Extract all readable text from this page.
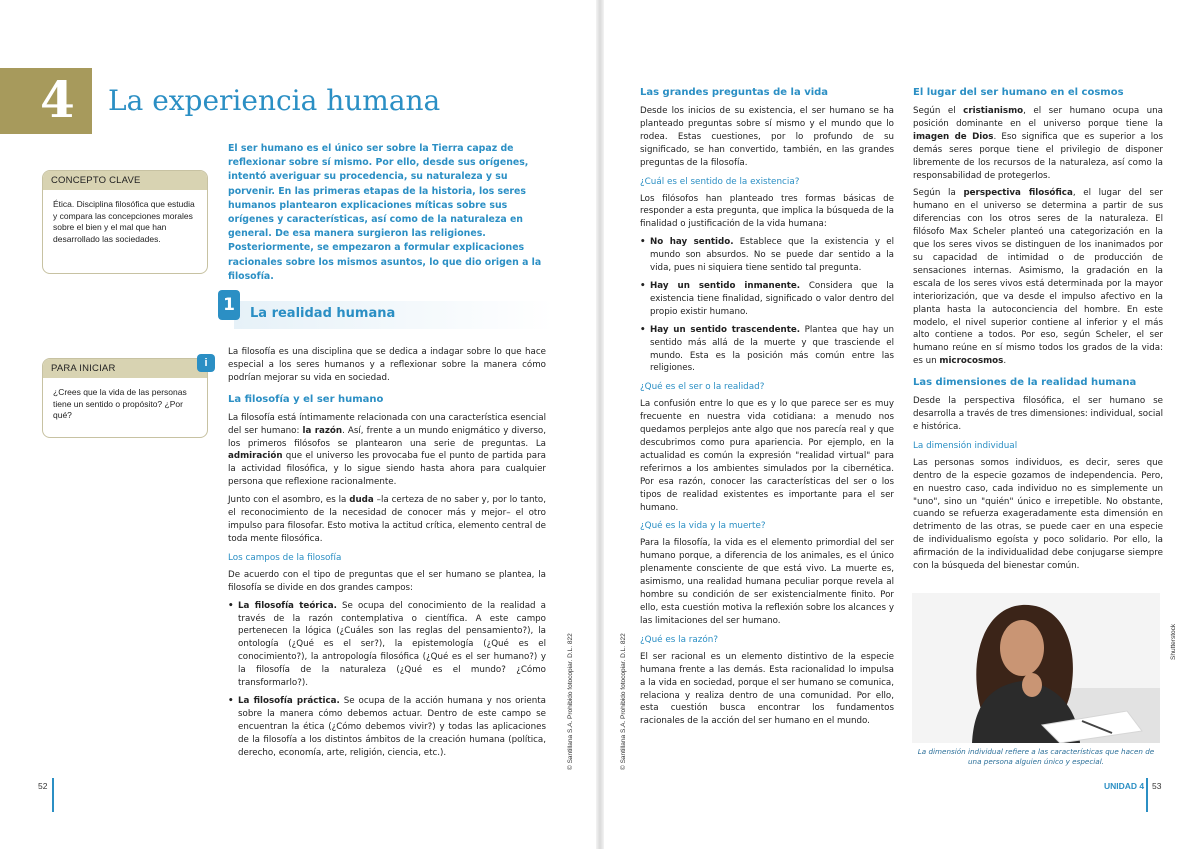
4 La experiencia humana
CONCEPTO CLAVE
Ética. Disciplina filosófica que estudia y compara las concepciones morales sobre el bien y el mal que han desarrollado las sociedades.
El ser humano es el único ser sobre la Tierra capaz de reflexionar sobre sí mismo. Por ello, desde sus orígenes, intentó averiguar su procedencia, su naturaleza y su porvenir. En las primeras etapas de la historia, los seres humanos plantearon explicaciones míticas sobre sus orígenes y características, así como de la naturaleza en general. De esa manera surgieron las religiones. Posteriormente, se empezaron a formular explicaciones racionales sobre los mismos asuntos, lo que dio origen a la filosofía.
1	La realidad humana
PARA INICIAR
¿Crees que la vida de las personas tiene un sentido o propósito? ¿Por qué?
i

La filosofía es una disciplina que se dedica a indagar sobre lo que hace especial a los seres humanos y a reflexionar sobre la manera cómo podrían mejorar su vida en sociedad.

La filosofía y el ser humano

La filosofía está íntimamente relacionada con una característica esencial del ser humano: la razón. Así, frente a un mundo enigmático y diverso, los primeros filósofos se plantearon una serie de preguntas. La admiración que el universo les provocaba fue el punto de partida para la actividad filosófica, y lo sigue siendo hasta ahora para cualquier persona que reflexione racionalmente.

Junto con el asombro, es la duda –la certeza de no saber y, por lo tanto, el reconocimiento de la necesidad de conocer más y mejor– el otro impulso para filosofar. Esto motiva la actitud crítica, elemento central de toda mente filosófica.

Los campos de la filosofía

De acuerdo con el tipo de preguntas que el ser humano se plantea, la filosofía se divide en dos grandes campos:

• La filosofía teórica. Se ocupa del conocimiento de la realidad a través de la razón contemplativa o científica. A este campo pertenecen la lógica (¿Cuáles son las reglas del pensamiento?), la ontología (¿Qué es el ser?), la epistemología (¿Qué es el conocimiento?), la antropología filosófica (¿Qué es el ser humano?) y la filosofía de la naturaleza (¿Qué es el mundo? ¿Cómo transformarlo?).
• La filosofía práctica. Se ocupa de la acción humana y nos orienta sobre la manera cómo debemos actuar. Dentro de este campo se encuentran la ética (¿Cómo debemos vivir?) y todas las aplicaciones de la filosofía a los distintos ámbitos de la creación humana (política, derecho, economía, arte, religión, ciencia, etc.).	© Santillana S.A. Prohibido fotocopiar. D.L. 822	© Santillana S.A. Prohibido fotocopiar. D.L. 822
Las grandes preguntas de la vida

Desde los inicios de su existencia, el ser humano se ha planteado preguntas sobre sí mismo y el mundo que lo rodea. Estas cuestiones, por lo profundo de su significado, se han convertido, también, en las grandes preguntas de la filosofía.

¿Cuál es el sentido de la existencia?

Los filósofos han planteado tres formas básicas de responder a esta pregunta, que implica la búsqueda de la finalidad o justificación de la vida humana:

• No hay sentido. Establece que la existencia y el mundo son absurdos. No se puede dar sentido a la vida, pues ni siquiera tiene sentido tal pregunta.
• Hay un sentido inmanente. Considera que la existencia tiene finalidad, significado o valor dentro del propio existir humano.
• Hay un sentido trascendente. Plantea que hay un sentido más allá de la muerte y que trasciende el mundo. Esta es la posición más común entre las religiones.
¿Qué es el ser o la realidad?

La confusión entre lo que es y lo que parece ser es muy frecuente en nuestra vida cotidiana: a menudo nos quedamos perplejos ante algo que nos parecía real y que descubrimos como pura apariencia. Por ejemplo, en la actualidad es común la expresión "realidad virtual" para referirnos a los ambientes simulados por la cibernética. Por esa razón, conocer las características del ser o los tipos de realidad existentes es importante para el ser humano.

¿Qué es la vida y la muerte?

Para la filosofía, la vida es el elemento primordial del ser humano porque, a diferencia de los animales, es el único plenamente consciente de que está vivo. La muerte es, asimismo, una realidad humana peculiar porque revela al hombre su condición de ser existencialmente finito. Por ello, esta cuestión motiva la reflexión sobre los alcances y las limitaciones del ser humano.

¿Qué es la razón?

El ser racional es un elemento distintivo de la especie humana frente a las demás. Esta racionalidad lo impulsa a la vida en sociedad, porque el ser humano se comunica, relaciona y realiza dentro de una comunidad. Por ello, esta cuestión busca encontrar los fundamentos racionales de la acción del ser humano en el mundo.

El lugar del ser humano en el cosmos

Según el cristianismo, el ser humano ocupa una posición dominante en el universo porque tiene la imagen de Dios. Eso significa que es superior a los demás seres porque tiene el privilegio de disponer libremente de los recursos de la naturaleza, así como la responsabilidad de protegerlos.

Según la perspectiva filosófica, el lugar del ser humano en el universo se determina a partir de sus diferencias con los otros seres de la naturaleza. El filósofo Max Scheler planteó una categorización en la que los seres vivos se distinguen de los inanimados por su capacidad de intimidad o de producción de sensaciones internas. Asimismo, la gradación en la escala de los seres vivos está determinada por la mayor interiorización, que va desde el impulso afectivo en la planta hasta la autoconciencia del hombre. En este modelo, el nivel superior contiene al inferior y el más alto contiene a todos. Por eso, según Scheler, el ser humano reúne en sí mismo todos los grados de la vida: es un microcosmos.

Las dimensiones de la realidad humana

Desde la perspectiva filosófica, el ser humano se desarrolla a través de tres dimensiones: individual, social e histórica.

La dimensión individual

Las personas somos individuos, es decir, seres que dentro de la especie gozamos de independencia. Pero, en nuestro caso, cada individuo no es simplemente un "uno", sino un "quién" único e irrepetible. No obstante, cuando se refuerza exageradamente esta dimensión en detrimento de las otras, se puede caer en una especie de individualismo egoísta y poco solidario. Por ello, la afirmación de la individualidad debe conjugarse siempre con la búsqueda del bienestar común.

Shutterstock
La dimensión individual refiere a las características que hacen de una persona alguien único y especial.
52	UNIDAD 4 53
